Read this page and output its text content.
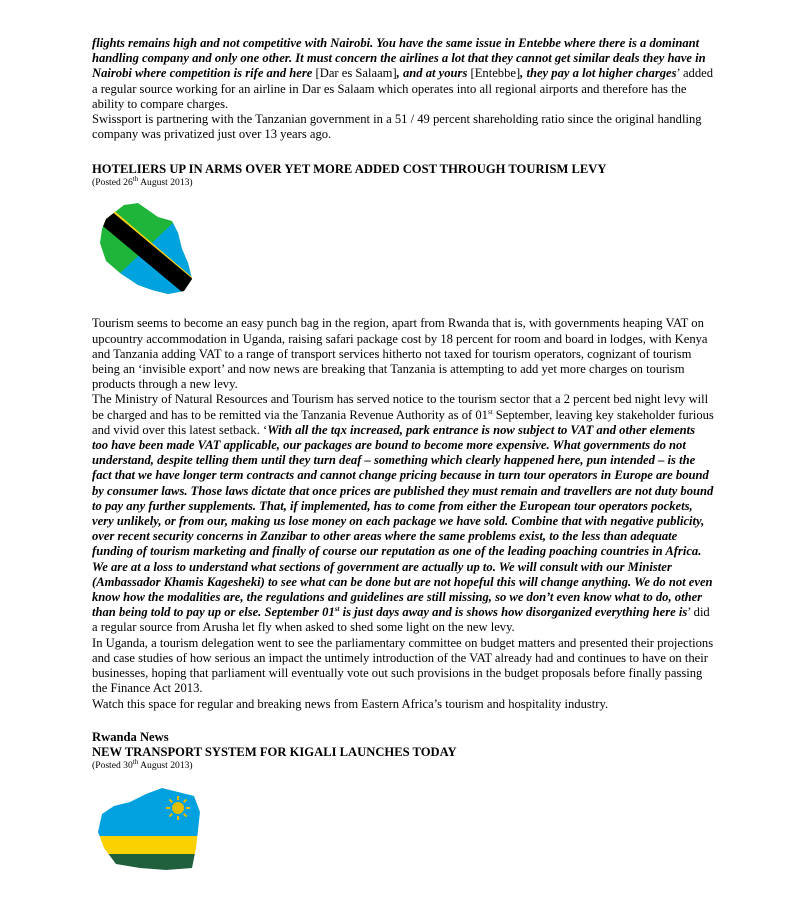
flights remains high and not competitive with Nairobi. You have the same issue in Entebbe where there is a dominant handling company and only one other. It must concern the airlines a lot that they cannot get similar deals they have in Nairobi where competition is rife and here [Dar es Salaam], and at yours [Entebbe], they pay a lot higher charges’ added a regular source working for an airline in Dar es Salaam which operates into all regional airports and therefore has the ability to compare charges.

Swissport is partnering with the Tanzanian government in a 51 / 49 percent shareholding ratio since the original handling company was privatized just over 13 years ago.

HOTELIERS UP IN ARMS OVER YET MORE ADDED COST THROUGH TOURISM LEVY
(Posted 26th August 2013)

Tourism seems to become an easy punch bag in the region, apart from Rwanda that is, with governments heaping VAT on upcountry accommodation in Uganda, raising safari package cost by 18 percent for room and board in lodges, with Kenya and Tanzania adding VAT to a range of transport services hitherto not taxed for tourism operators, cognizant of tourism being an ‘invisible export’ and now news are breaking that Tanzania is attempting to add yet more charges on tourism products through a new levy.

The Ministry of Natural Resources and Tourism has served notice to the tourism sector that a 2 percent bed night levy will be charged and has to be remitted via the Tanzania Revenue Authority as of 01st September, leaving key stakeholder furious and vivid over this latest setback. ‘With all the tqx increased, park entrance is now subject to VAT and other elements too have been made VAT applicable, our packages are bound to become more expensive. What governments do not understand, despite telling them until they turn deaf – something which clearly happened here, pun intended – is the fact that we have longer term contracts and cannot change pricing because in turn tour operators in Europe are bound by consumer laws. Those laws dictate that once prices are published they must remain and travellers are not duty bound to pay any further supplements. That, if implemented, has to come from either the European tour operators pockets, very unlikely, or from our, making us lose money on each package we have sold. Combine that with negative publicity, over recent security concerns in Zanzibar to other areas where the same problems exist, to the less than adequate funding of tourism marketing and finally of course our reputation as one of the leading poaching countries in Africa. We are at a loss to understand what sections of government are actually up to. We will consult with our Minister (Ambassador Khamis Kagesheki) to see what can be done but are not hopeful this will change anything. We do not even know how the modalities are, the regulations and guidelines are still missing, so we don’t even know what to do, other than being told to pay up or else. September 01st is just days away and is shows how disorganized everything here is’ did a regular source from Arusha let fly when asked to shed some light on the new levy.

In Uganda, a tourism delegation went to see the parliamentary committee on budget matters and presented their projections and case studies of how serious an impact the untimely introduction of the VAT already had and continues to have on their businesses, hoping that parliament will eventually vote out such provisions in the budget proposals before finally passing the Finance Act 2013.

Watch this space for regular and breaking news from Eastern Africa’s tourism and hospitality industry.

Rwanda News
NEW TRANSPORT SYSTEM FOR KIGALI LAUNCHES TODAY
(Posted 30th August 2013)
